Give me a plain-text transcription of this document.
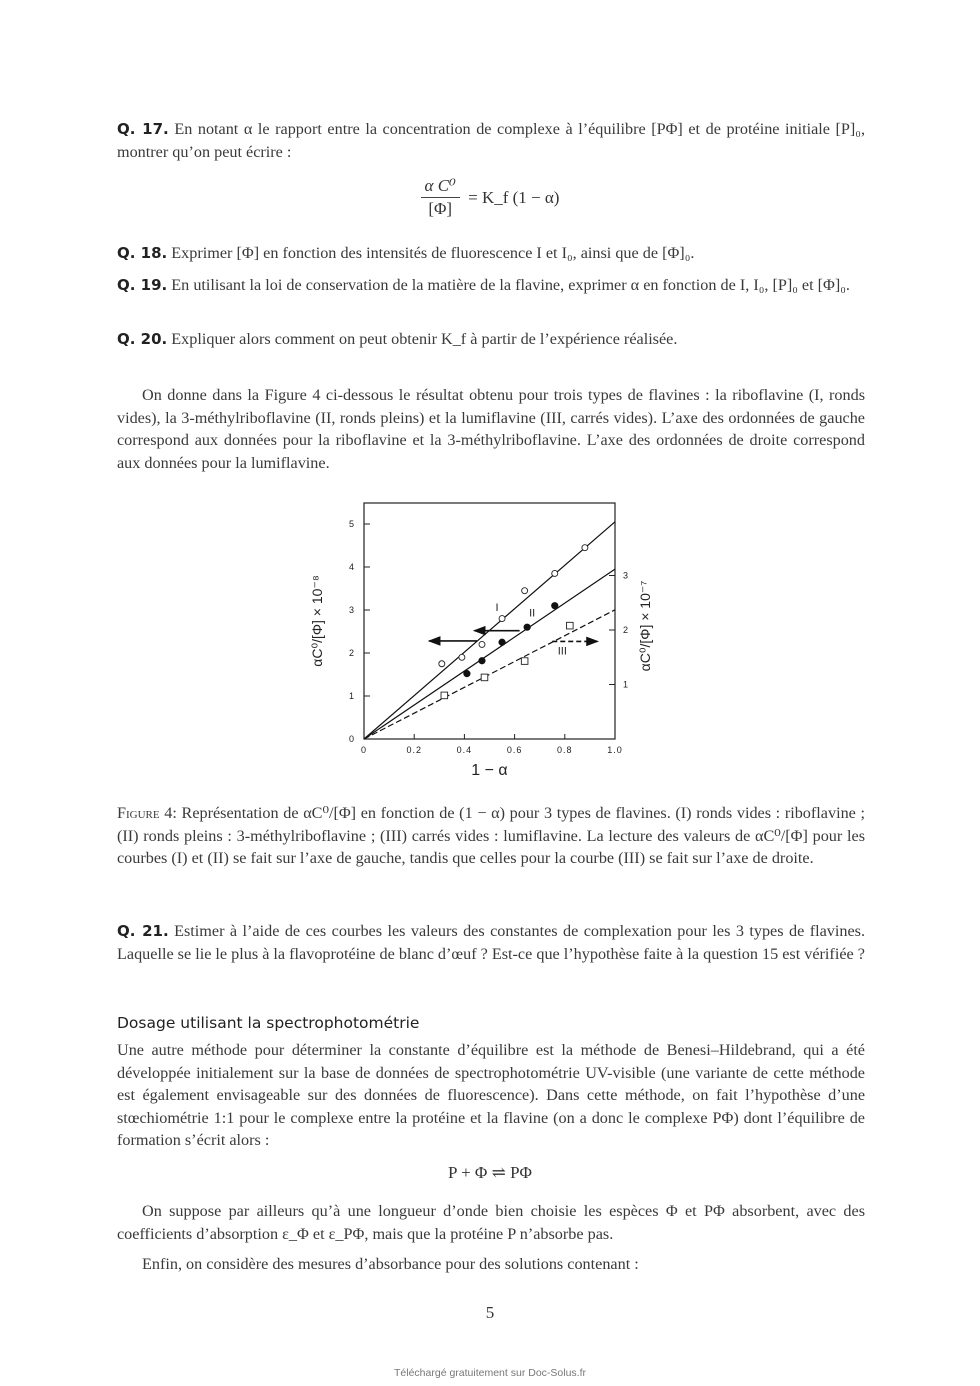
Q. 17. En notant α le rapport entre la concentration de complexe à l’équilibre [PΦ] et de protéine initiale [P]₀, montrer qu’on peut écrire :
$\frac{\text{α C⁰}}{[\Phi]}$ = K_f (1 − α)
Q. 18. Exprimer [Φ] en fonction des intensités de fluorescence I et I₀, ainsi que de [Φ]₀.
Q. 19. En utilisant la loi de conservation de la matière de la flavine, exprimer α en fonction de I, I₀, [P]₀ et [Φ]₀.
Q. 20. Expliquer alors comment on peut obtenir K_f à partir de l’expérience réalisée.
On donne dans la Figure 4 ci-dessous le résultat obtenu pour trois types de flavines : la riboflavine (I, ronds vides), la 3-méthylriboflavine (II, ronds pleins) et la lumiflavine (III, carrés vides). L’axe des ordonnées de gauche correspond aux données pour la riboflavine et la 3-méthylriboflavine. L’axe des ordonnées de droite correspond aux données pour la lumiflavine.
0	0.2	0.4	0.6	0.8	1.0
0
1
2
3
4
5
1
2
3
1 − α
αC⁰/[Φ] × 10⁻⁸	αC⁰/[Φ] × 10⁻⁷
I	II
III
Figure 4: Représentation de αC⁰/[Φ] en fonction de (1 − α) pour 3 types de flavines. (I) ronds vides : riboflavine ; (II) ronds pleins : 3-méthylriboflavine ; (III) carrés vides : lumiflavine. La lecture des valeurs de αC⁰/[Φ] pour les courbes (I) et (II) se fait sur l’axe de gauche, tandis que celles pour la courbe (III) se fait sur l’axe de droite.
Q. 21. Estimer à l’aide de ces courbes les valeurs des constantes de complexation pour les 3 types de flavines. Laquelle se lie le plus à la flavoprotéine de blanc d’œuf ? Est-ce que l’hypothèse faite à la question 15 est vérifiée ?
Dosage utilisant la spectrophotométrie
Une autre méthode pour déterminer la constante d’équilibre est la méthode de Benesi–Hildebrand, qui a été développée initialement sur la base de données de spectrophotométrie UV-visible (une variante de cette méthode est également envisageable sur des données de fluorescence). Dans cette méthode, on fait l’hypothèse d’une stœchiométrie 1:1 pour le complexe entre la protéine et la flavine (on a donc le complexe PΦ) dont l’équilibre de formation s’écrit alors :
P + Φ ⇌ PΦ
On suppose par ailleurs qu’à une longueur d’onde bien choisie les espèces Φ et PΦ absorbent, avec des coefficients d’absorption ε_Φ et ε_PΦ, mais que la protéine P n’absorbe pas.
Enfin, on considère des mesures d’absorbance pour des solutions contenant :
5
Téléchargé gratuitement sur Doc-Solus.fr
